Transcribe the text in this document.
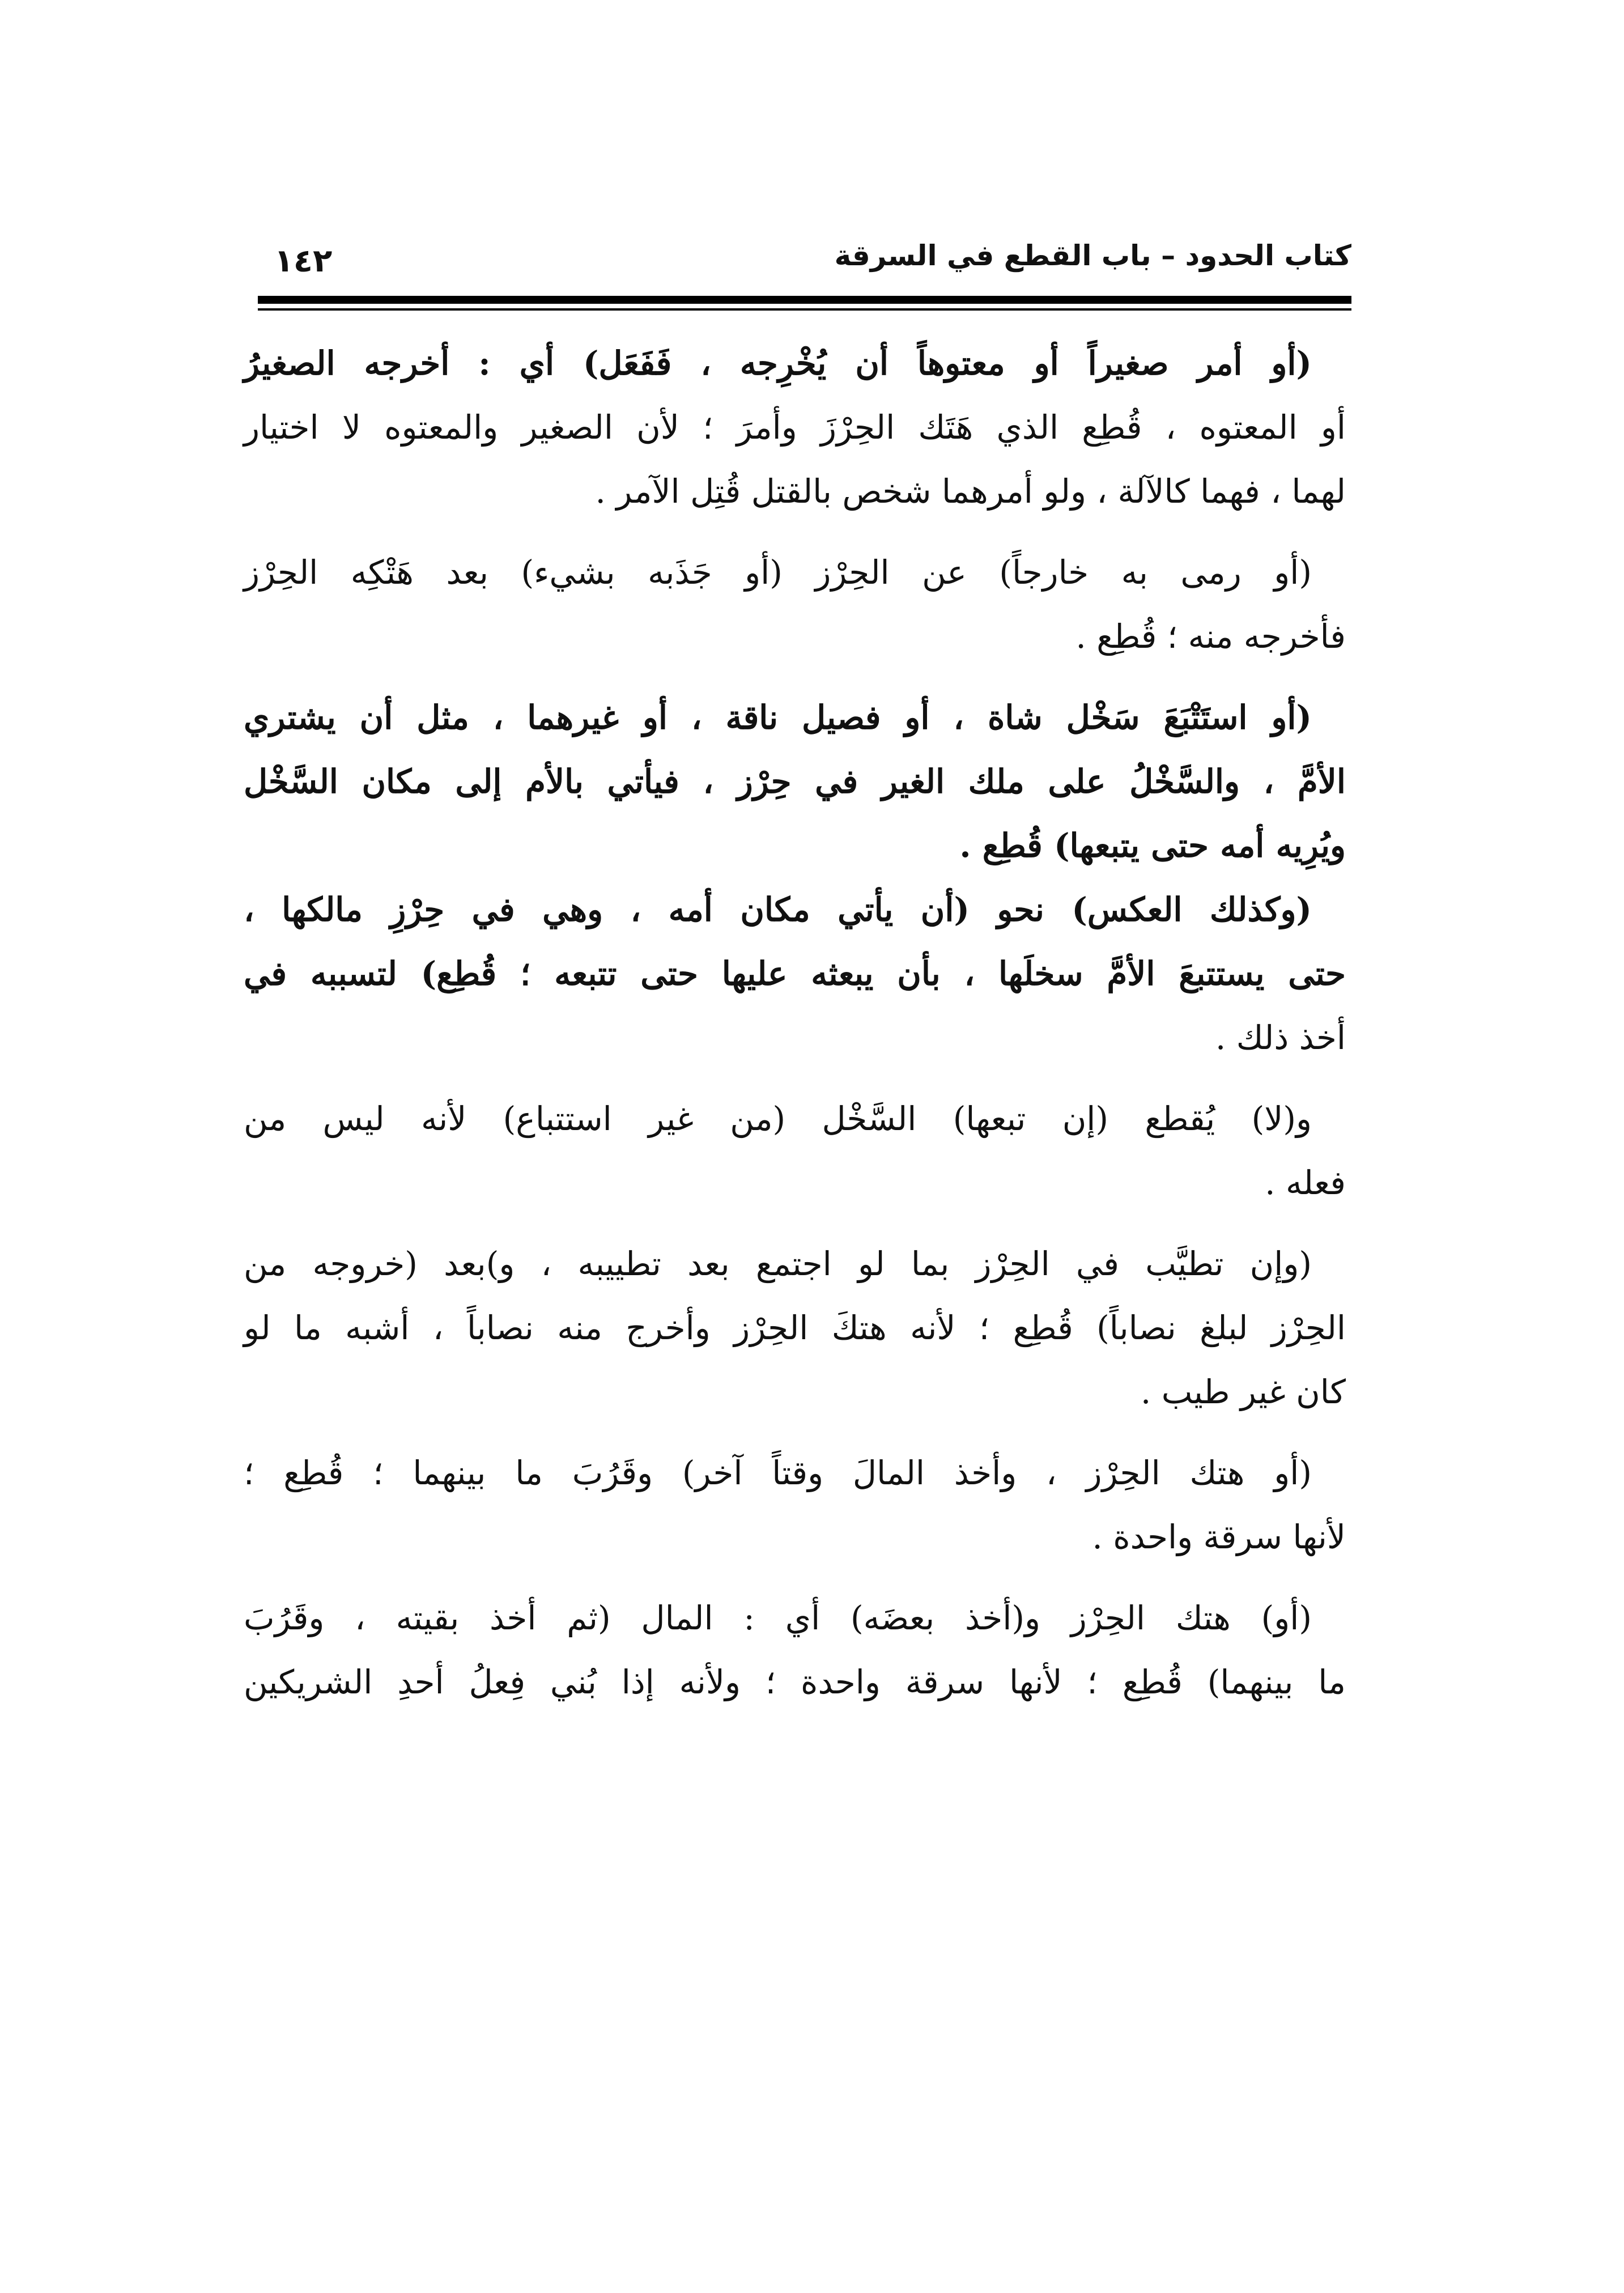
كتاب الحدود – باب القطع في السرقة
١٤٢
(أو أمر صغيراً أو معتوهاً أن يُخْرِجه ، فَفَعَل) أي : أخرجه الصغيرُ
أو المعتوه ، قُطِع الذي هَتَك الحِرْزَ وأمرَ ؛ لأن الصغير والمعتوه لا اختيار
لهما ، فهما كالآلة ، ولو أمرهما شخص بالقتل قُتِل الآمر .
(أو رمى به خارجاً) عن الحِرْز (أو جَذَبه بشيء) بعد هَتْكِه الحِرْز
فأخرجه منه ؛ قُطِع .
(أو استَتْبَعَ سَخْل شاة ، أو فصيل ناقة ، أو غيرهما ، مثل أن يشتري
الأمَّ ، والسَّخْلُ على ملك الغير في حِرْز ، فيأتي بالأم إلى مكان السَّخْل
ويُرِيه أمه حتى يتبعها) قُطِع .
(وكذلك العكس) نحو (أن يأتي مكان أمه ، وهي في حِرْزِ مالكها ،
حتى يستتبعَ الأمَّ سخلَها ، بأن يبعثه عليها حتى تتبعه ؛ قُطِع) لتسببه في
أخذ ذلك .
و(لا) يُقطع (إن تبعها) السَّخْل (من غير استتباع) لأنه ليس من
فعله .
(وإن تطيَّب في الحِرْز بما لو اجتمع بعد تطييبه ، و)بعد (خروجه من
الحِرْز لبلغ نصاباً) قُطِع ؛ لأنه هتكَ الحِرْز وأخرج منه نصاباً ، أشبه ما لو
كان غير طيب .
(أو هتك الحِرْز ، وأخذ المالَ وقتاً آخر) وقَرُبَ ما بينهما ؛ قُطِع ؛
لأنها سرقة واحدة .
(أو) هتك الحِرْز و(أخذ بعضَه) أي : المال (ثم أخذ بقيته ، وقَرُبَ
ما بينهما) قُطِع ؛ لأنها سرقة واحدة ؛ ولأنه إذا بُني فِعلُ أحدِ الشريكين
